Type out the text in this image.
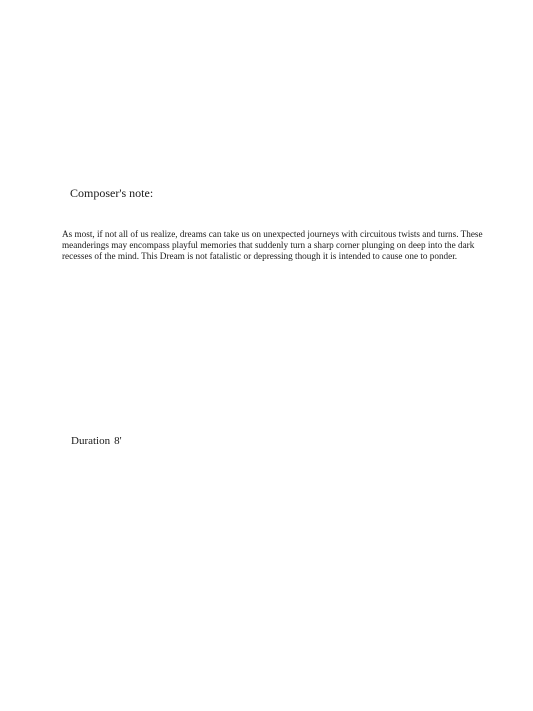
Composer's note:

As most, if not all of us realize, dreams can take us on unexpected journeys with circuitous twists and turns. These meanderings may encompass playful memories that suddenly turn a sharp corner plunging on deep into the dark recesses of the mind. This Dream is not fatalistic or depressing though it is intended to cause one to ponder.

Duration 8'
